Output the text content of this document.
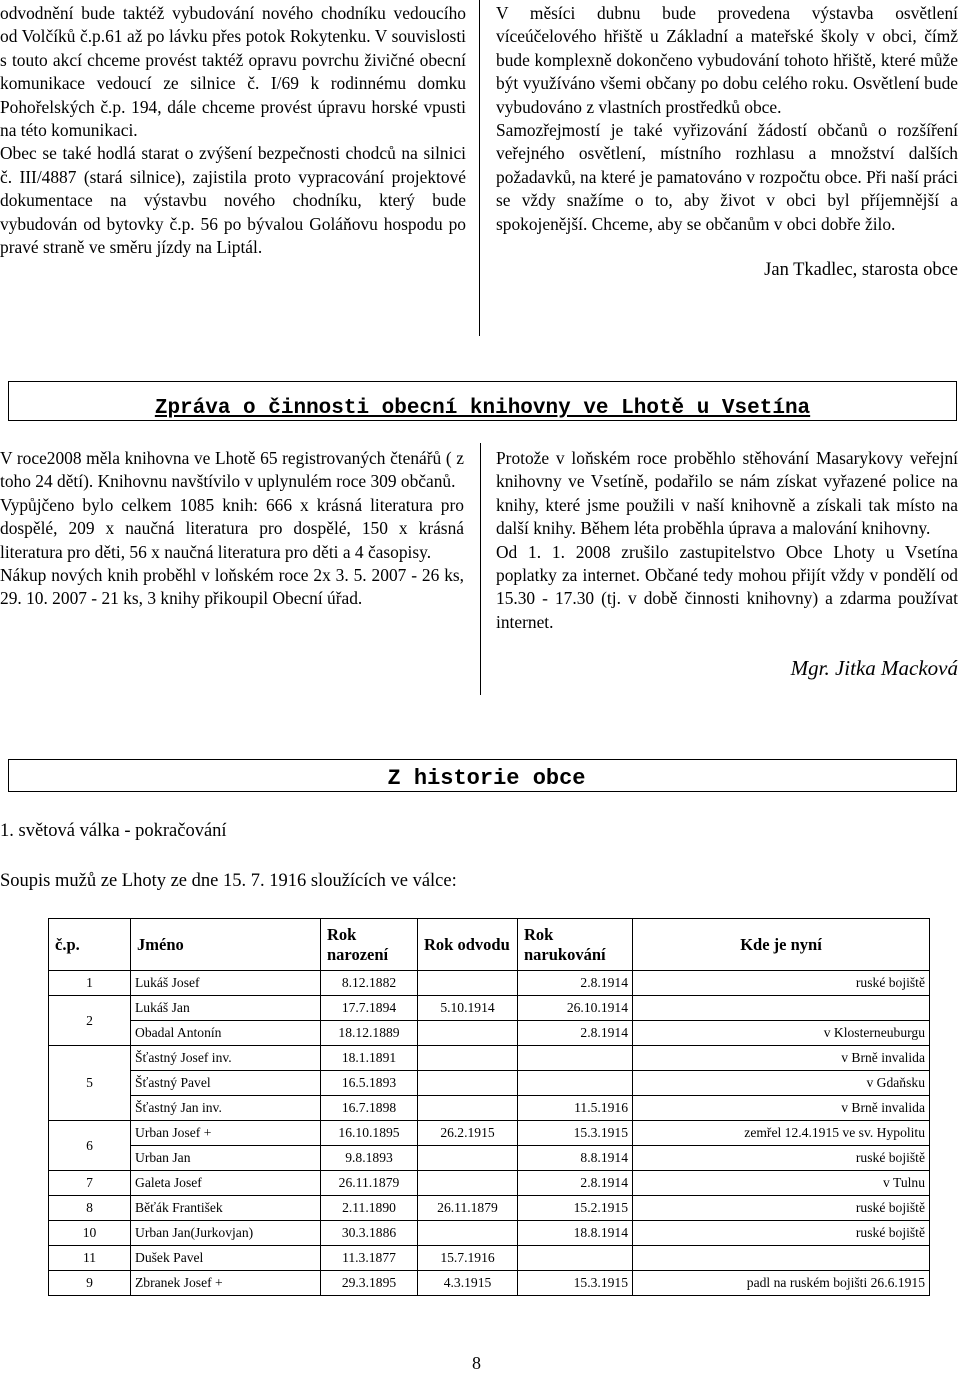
odvodnění bude taktéž vybudování nového chodníku vedoucího od Volčíků č.p.61 až po lávku přes potok Rokytenku. V souvislosti s touto akcí chceme provést taktéž opravu povrchu živičné obecní komunikace vedoucí ze silnice č. I/69 k rodinnému domku Pohořelských č.p. 194, dále chceme provést úpravu horské vpusti na této komunikaci.

Obec se také hodlá starat o zvýšení bezpečnosti chodců na silnici č. III/4887 (stará silnice), zajistila proto vypracování projektové dokumentace na výstavbu nového chodníku, který bude vybudován od bytovky č.p. 56 po bývalou Goláňovu hospodu po pravé straně ve směru jízdy na Liptál.

V měsíci dubnu bude provedena výstavba osvětlení víceúčelového hřiště u Základní a mateřské školy v obci, čímž bude komplexně dokončeno vybudování tohoto hřiště, které může být využíváno všemi občany po dobu celého roku. Osvětlení bude vybudováno z vlastních prostředků obce.

Samozřejmostí je také vyřizování žádostí občanů o rozšíření veřejného osvětlení, místního rozhlasu a množství dalších požadavků, na které je pamatováno v rozpočtu obce. Při naší práci se vždy snažíme o to, aby život v obci byl příjemnější a spokojenější. Chceme, aby se občanům v obci dobře žilo.

Jan Tkadlec, starosta obce

Zpráva o činnosti obecní knihovny ve Lhotě u Vsetína

V roce2008 měla knihovna ve Lhotě 65 registrovaných čtenářů ( z toho 24 dětí). Knihovnu navštívilo v uplynulém roce 309 občanů.

Vypůjčeno bylo celkem 1085 knih: 666 x krásná literatura pro dospělé, 209 x naučná literatura pro dospělé, 150 x krásná literatura pro děti, 56 x naučná literatura pro děti a 4 časopisy.

Nákup nových knih proběhl v loňském roce 2x 3. 5. 2007 - 26 ks, 29. 10. 2007 - 21 ks, 3 knihy přikoupil Obecní úřad.

Protože v loňském roce proběhlo stěhování Masarykovy veřejní knihovny ve Vsetíně, podařilo se nám získat vyřazené police na knihy, které jsme použili v naší knihovně a získali tak místo na další knihy. Během léta proběhla úprava a malování knihovny.

Od 1. 1. 2008 zrušilo zastupitelstvo Obce Lhoty u Vsetína poplatky za internet. Občané tedy mohou přijít vždy v pondělí od 15.30 - 17.30 (tj. v době činnosti knihovny) a zdarma používat internet.

Mgr. Jitka Macková

Z historie obce
1. světová válka - pokračování
Soupis mužů ze Lhoty ze dne 15. 7. 1916 sloužících ve válce:
č.p.	Jméno	Rok narození	Rok odvodu	Rok narukování	Kde je nyní
1	Lukáš Josef	8.12.1882		2.8.1914	ruské bojiště
2	Lukáš Jan	17.7.1894	5.10.1914	26.10.1914	
	Obadal Antonín	18.12.1889		2.8.1914	v Klosterneuburgu
5	Šťastný Josef inv.	18.1.1891			v Brně invalida
	Šťastný Pavel	16.5.1893			v Gdaňsku
	Šťastný Jan inv.	16.7.1898		11.5.1916	v Brně invalida
6	Urban Josef +	16.10.1895	26.2.1915	15.3.1915	zemřel 12.4.1915 ve sv. Hypolitu
	Urban Jan	9.8.1893		8.8.1914	ruské bojiště
7	Galeta Josef	26.11.1879		2.8.1914	v Tulnu
8	Běťák František	2.11.1890	26.11.1879	15.2.1915	ruské bojiště
10	Urban Jan(Jurkovjan)	30.3.1886		18.8.1914	ruské bojiště
11	Dušek Pavel	11.3.1877	15.7.1916		
9	Zbranek Josef +	29.3.1895	4.3.1915	15.3.1915	padl na ruském bojišti 26.6.1915
8
